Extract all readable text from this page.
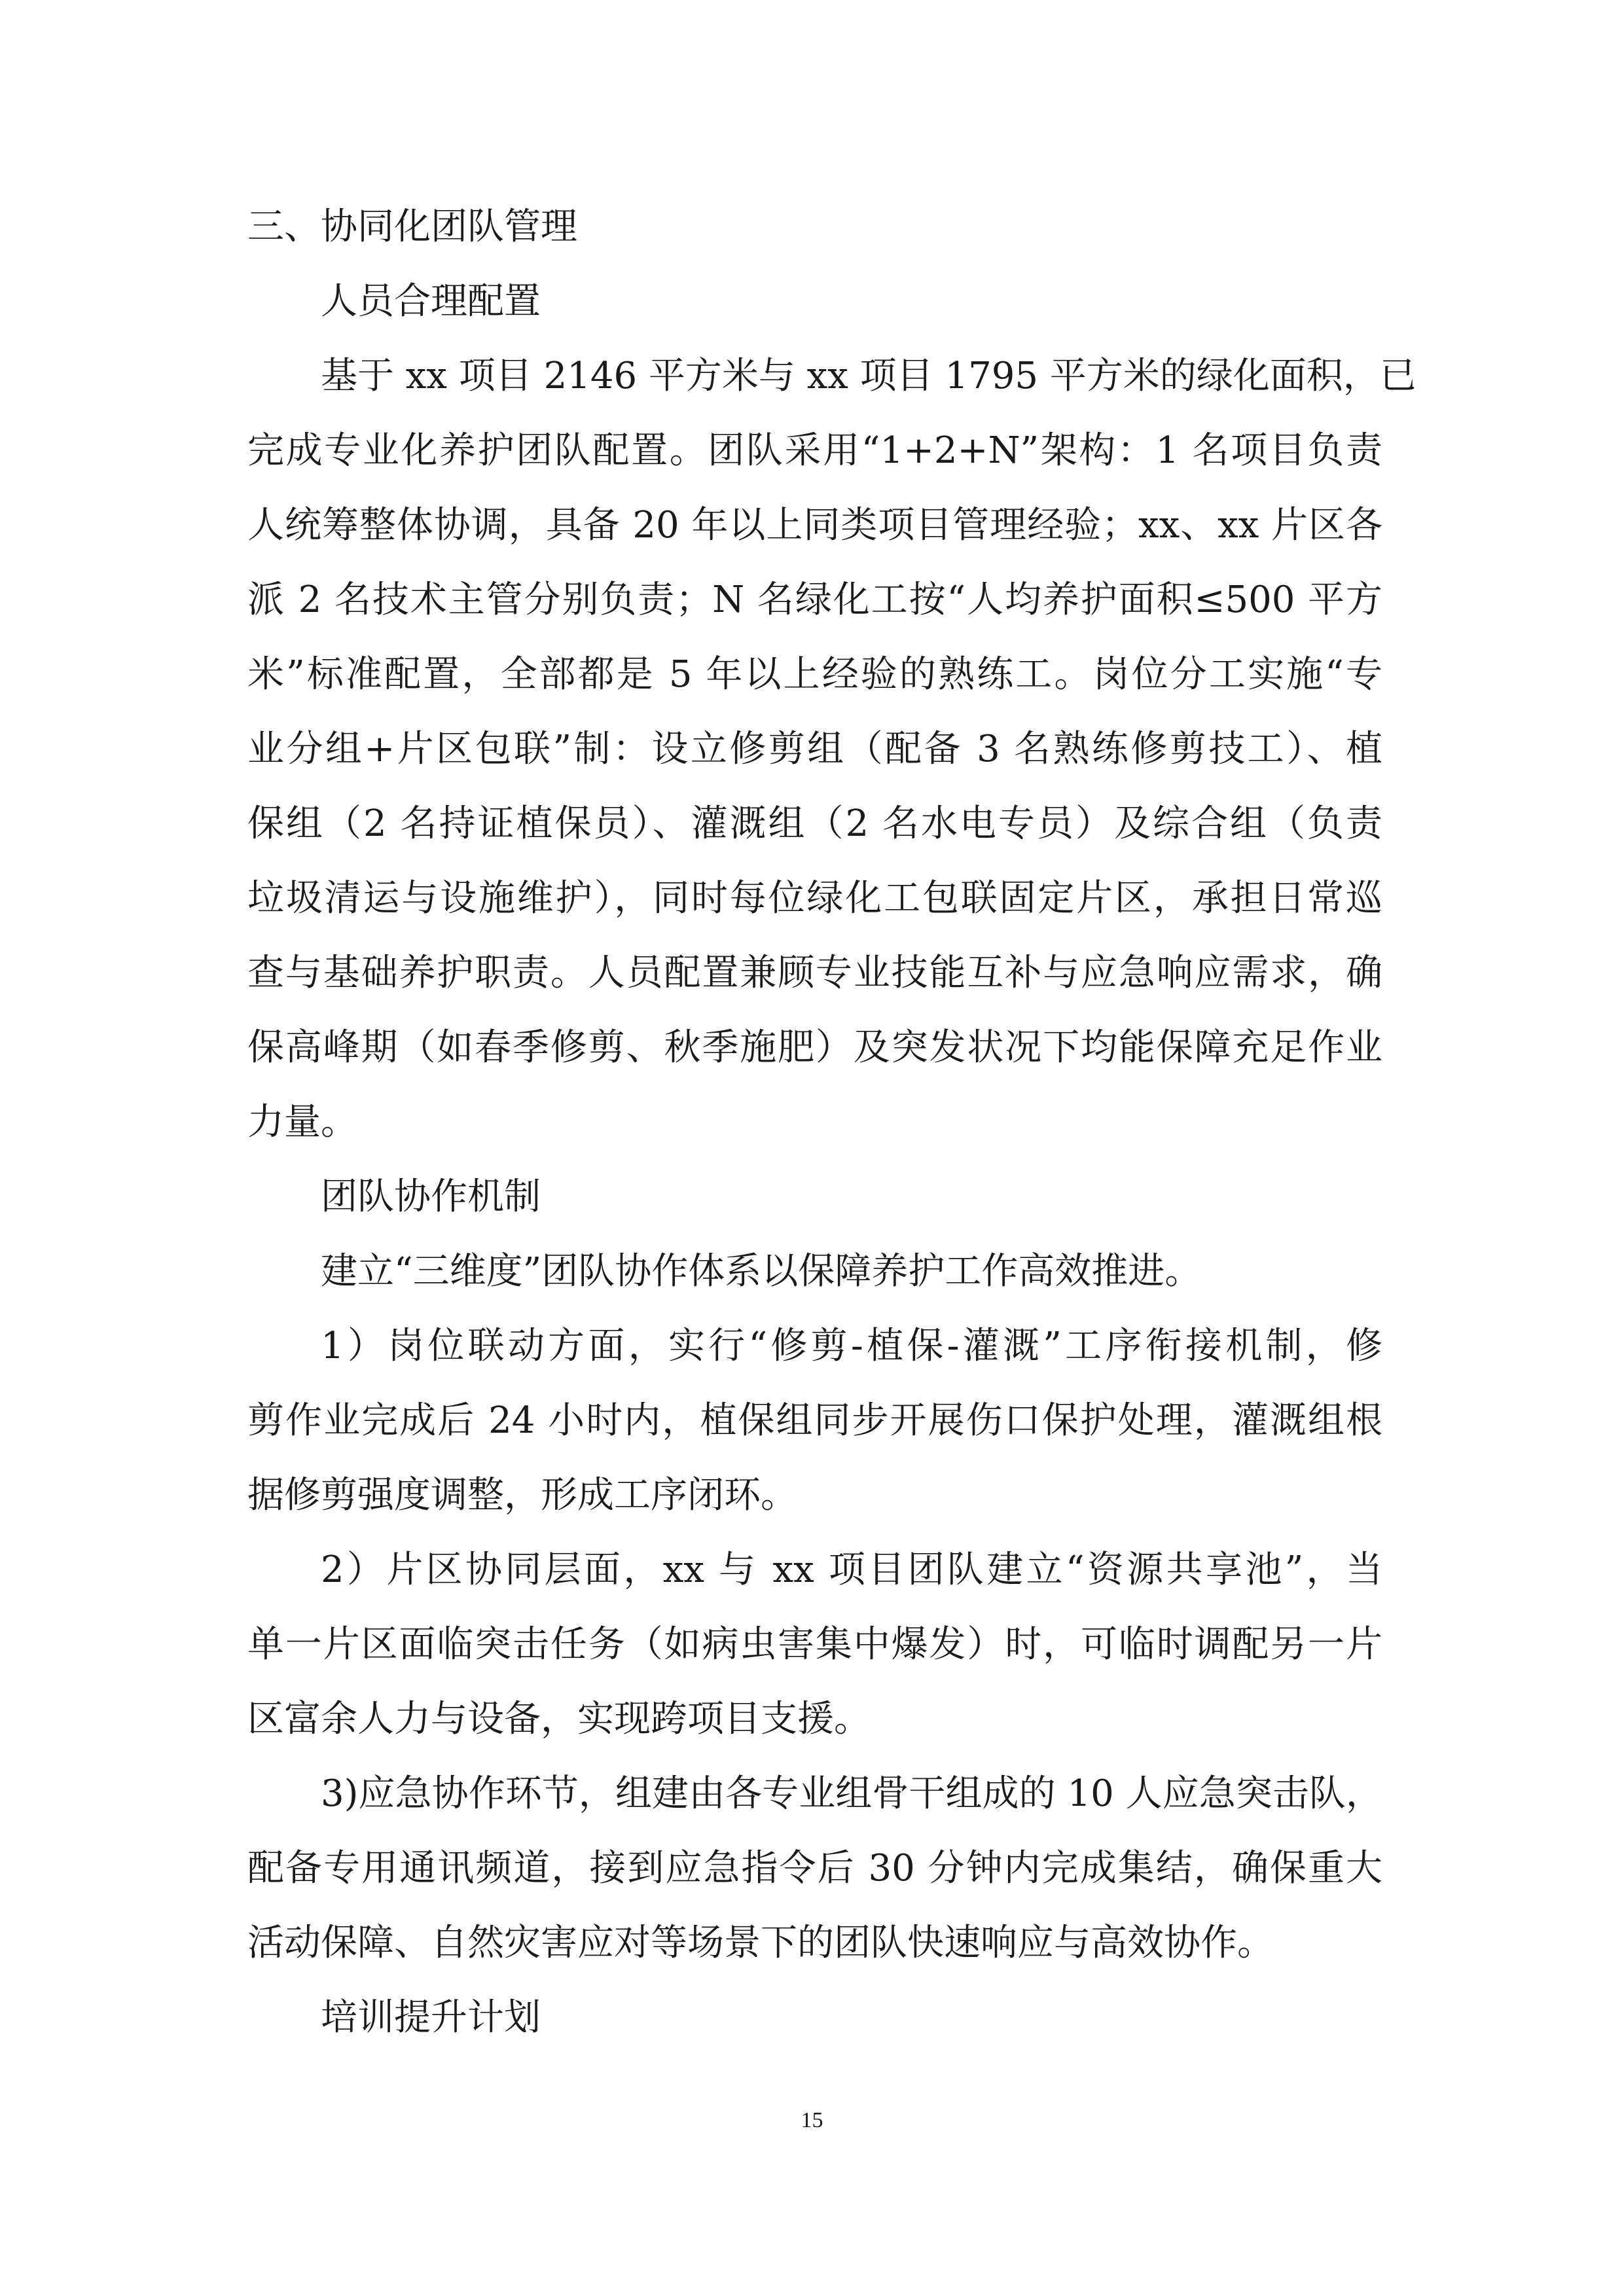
三、协同化团队管理

人员合理配置

基于 xx 项目 2146 平方米与 xx 项目 1795 平方米的绿化面积，已

完成专业化养护团队配置。团队采用“1+2+N”架构：1 名项目负责

人统筹整体协调，具备 20 年以上同类项目管理经验；xx、xx 片区各

派 2 名技术主管分别负责；N 名绿化工按“人均养护面积≤500 平方

米”标准配置，全部都是 5 年以上经验的熟练工。岗位分工实施“专

业分组+片区包联”制：设立修剪组（配备 3 名熟练修剪技工）、植

保组（2 名持证植保员）、灌溉组（2 名水电专员）及综合组（负责

垃圾清运与设施维护），同时每位绿化工包联固定片区，承担日常巡

查与基础养护职责。人员配置兼顾专业技能互补与应急响应需求，确

保高峰期（如春季修剪、秋季施肥）及突发状况下均能保障充足作业

力量。

团队协作机制

建立“三维度”团队协作体系以保障养护工作高效推进。

1）岗位联动方面，实行“修剪-植保-灌溉”工序衔接机制，修

剪作业完成后 24 小时内，植保组同步开展伤口保护处理，灌溉组根

据修剪强度调整，形成工序闭环。

2）片区协同层面，xx 与 xx 项目团队建立“资源共享池”，当

单一片区面临突击任务（如病虫害集中爆发）时，可临时调配另一片

区富余人力与设备，实现跨项目支援。

3)应急协作环节，组建由各专业组骨干组成的 10 人应急突击队，

配备专用通讯频道，接到应急指令后 30 分钟内完成集结，确保重大

活动保障、自然灾害应对等场景下的团队快速响应与高效协作。

培训提升计划

15
